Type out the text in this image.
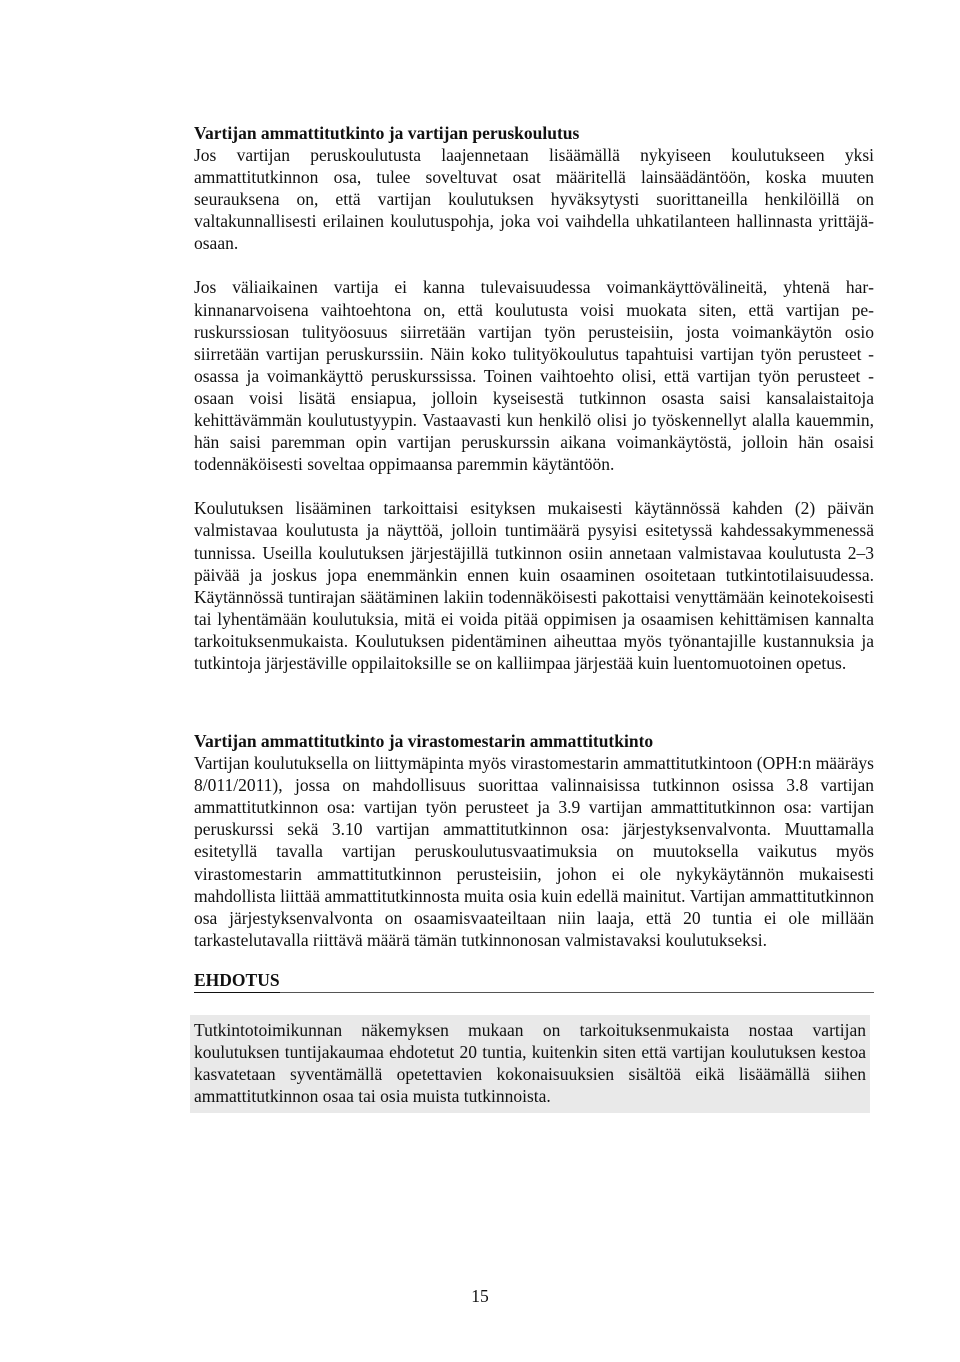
Vartijan ammattitutkinto ja vartijan peruskoulutus

Jos vartijan peruskoulutusta laajennetaan lisäämällä nykyiseen koulutukseen yksi ammattitutkinnon osa, tulee soveltuvat osat määritellä lainsäädäntöön, koska muuten seurauksena on, että vartijan koulutuksen hyväksytysti suorittaneilla henkilöillä on valtakunnallisesti erilainen koulutuspohja, joka voi vaihdella uhkatilanteen hallinnasta yrittäjä-osaan.

Jos väliaikainen vartija ei kanna tulevaisuudessa voimankäyttövälineitä, yhtenä harkinnanarvoisena vaihtoehtona on, että koulutusta voisi muokata siten, että vartijan peruskurssiosan tulityöosuus siirretään vartijan työn perusteisiin, josta voimankäytön osio siirretään vartijan peruskurssiin. Näin koko tulityökoulutus tapahtuisi vartijan työn perusteet -osassa ja voimankäyttö peruskurssissa. Toinen vaihtoehto olisi, että vartijan työn perusteet -osaan voisi lisätä ensiapua, jolloin kyseisestä tutkinnon osasta saisi kansalaistaitoja kehittävämmän koulutustyypin. Vastaavasti kun henkilö olisi jo työskennellyt alalla kauemmin, hän saisi paremman opin vartijan peruskurssin aikana voimankäytöstä, jolloin hän osaisi todennäköisesti soveltaa oppimaansa paremmin käytäntöön.

Koulutuksen lisääminen tarkoittaisi esityksen mukaisesti käytännössä kahden (2) päivän valmistavaa koulutusta ja näyttöä, jolloin tuntimäärä pysyisi esitetyssä kahdessakymmenessä tunnissa. Useilla koulutuksen järjestäjillä tutkinnon osiin annetaan valmistavaa koulutusta 2–3 päivää ja joskus jopa enemmänkin ennen kuin osaaminen osoitetaan tutkintotilaisuudessa. Käytännössä tuntirajan säätäminen lakiin todennäköisesti pakottaisi venyttämään keinotekoisesti tai lyhentämään koulutuksia, mitä ei voida pitää oppimisen ja osaamisen kehittämisen kannalta tarkoituksenmukaista. Koulutuksen pidentäminen aiheuttaa myös työnantajille kustannuksia ja tutkintoja järjestäville oppilaitoksille se on kalliimpaa järjestää kuin luentomuotoinen opetus.

Vartijan ammattitutkinto ja virastomestarin ammattitutkinto

Vartijan koulutuksella on liittymäpinta myös virastomestarin ammattitutkintoon (OPH:n määräys 8/011/2011), jossa on mahdollisuus suorittaa valinnaisissa tutkinnon osissa 3.8 vartijan ammattitutkinnon osa: vartijan työn perusteet ja 3.9 vartijan ammattitutkinnon osa: vartijan peruskurssi sekä 3.10 vartijan ammattitutkinnon osa: järjestyksenvalvonta. Muuttamalla esitetyllä tavalla vartijan peruskoulutusvaatimuksia on muutoksella vaikutus myös virastomestarin ammattitutkinnon perusteisiin, johon ei ole nykykäytännön mukaisesti mahdollista liittää ammattitutkinnosta muita osia kuin edellä mainitut. Vartijan ammattitutkinnon osa järjestyksenvalvonta on osaamisvaateiltaan niin laaja, että 20 tuntia ei ole millään tarkastelutavalla riittävä määrä tämän tutkinnonosan valmistavaksi koulutukseksi.

EHDOTUS

Tutkintotoimikunnan näkemyksen mukaan on tarkoituksenmukaista nostaa vartijan koulutuksen tuntijakaumaa ehdotetut 20 tuntia, kuitenkin siten että vartijan koulutuksen kestoa kasvatetaan syventämällä opetettavien kokonaisuuksien sisältöä eikä lisäämällä siihen ammattitutkinnon osaa tai osia muista tutkinnoista.

15
